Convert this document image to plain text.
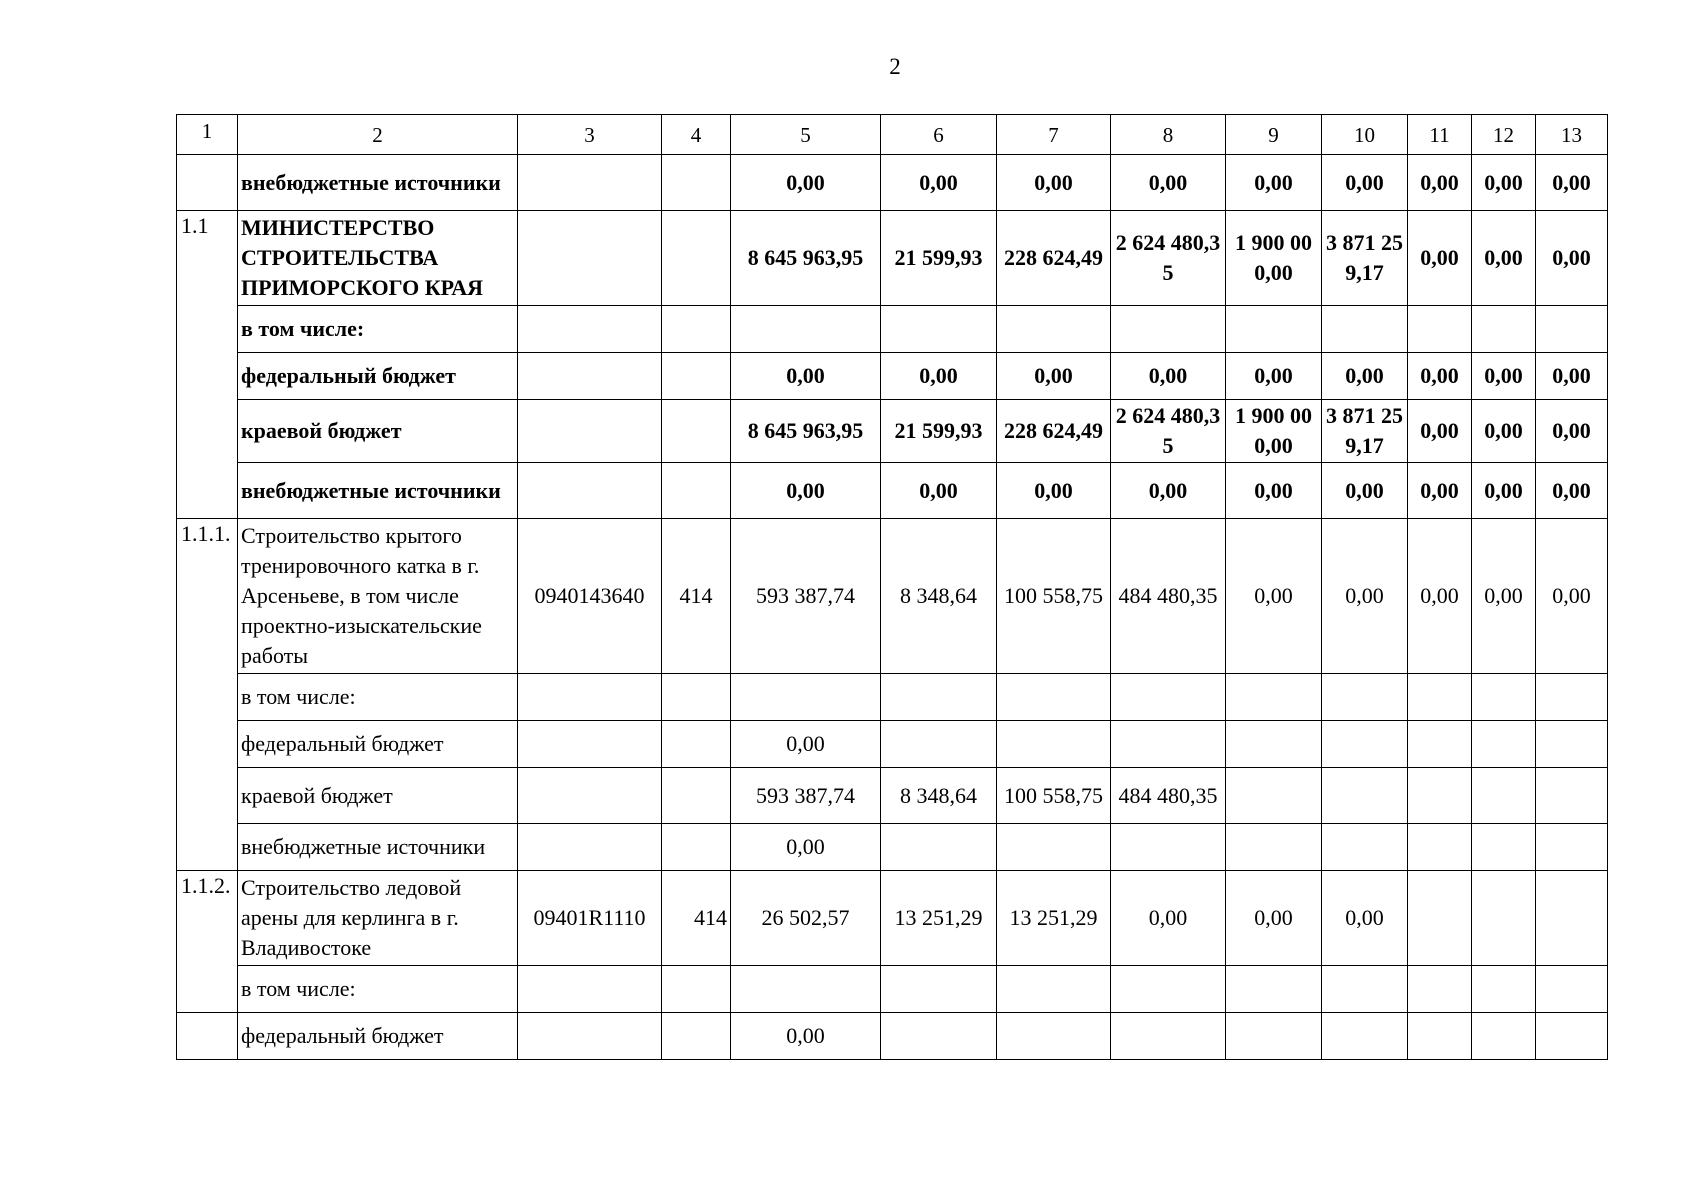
2
1	2	3	4	5	6	7	8	9	10	11	12	13
	внебюджетные источники			0,00	0,00	0,00	0,00	0,00	0,00	0,00	0,00	0,00
1.1	МИНИСТЕРСТВО СТРОИТЕЛЬСТВА ПРИМОРСКОГО КРАЯ			8 645 963,95	21 599,93	228 624,49	2 624 480,35	1 900 000,00	3 871 259,17	0,00	0,00	0,00
	в том числе:											
	федеральный бюджет			0,00	0,00	0,00	0,00	0,00	0,00	0,00	0,00	0,00
	краевой бюджет			8 645 963,95	21 599,93	228 624,49	2 624 480,35	1 900 000,00	3 871 259,17	0,00	0,00	0,00
	внебюджетные источники			0,00	0,00	0,00	0,00	0,00	0,00	0,00	0,00	0,00
1.1.1.	Строительство крытого тренировочного катка в г. Арсеньеве, в том числе проектно-изыскательские работы	0940143640	414	593 387,74	8 348,64	100 558,75	484 480,35	0,00	0,00	0,00	0,00	0,00
	в том числе:											
	федеральный бюджет			0,00								
	краевой бюджет			593 387,74	8 348,64	100 558,75	484 480,35					
	внебюджетные источники			0,00								
1.1.2.	Строительство ледовой арены для керлинга в г. Владивостоке	09401R1110	414	26 502,57	13 251,29	13 251,29	0,00	0,00	0,00			
	в том числе:											
	федеральный бюджет			0,00								
